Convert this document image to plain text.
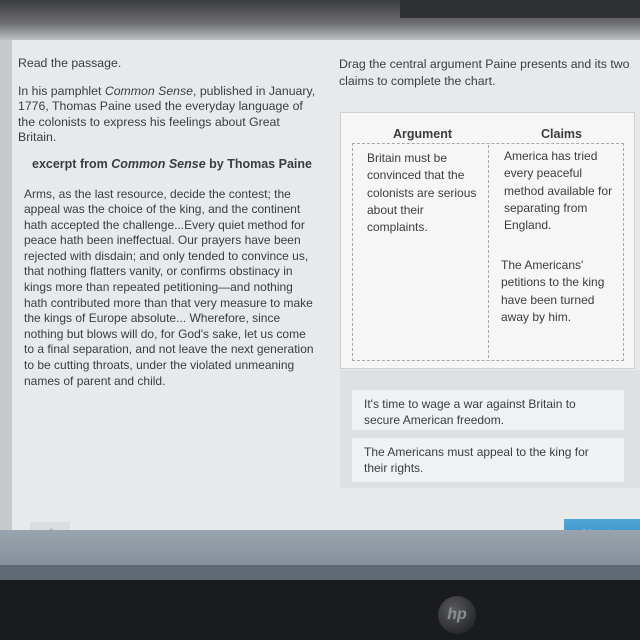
Read the passage.

In his pamphlet Common Sense, published in January, 1776, Thomas Paine used the everyday language of the colonists to express his feelings about Great Britain.

excerpt from Common Sense by Thomas Paine

Arms, as the last resource, decide the contest; the appeal was the choice of the king, and the continent hath accepted the challenge...Every quiet method for peace hath been ineffectual. Our prayers have been rejected with disdain; and only tended to convince us, that nothing flatters vanity, or confirms obstinacy in kings more than repeated petitioning—and nothing hath contributed more than that very measure to make the kings of Europe absolute... Wherefore, since nothing but blows will do, for God's sake, let us come to a final separation, and not leave the next generation to be cutting throats, under the violated unmeaning names of parent and child.

Drag the central argument Paine presents and its two claims to complete the chart.
Argument	Claims
Britain must be convinced that the colonists are serious about their complaints.
America has tried every peaceful method available for separating from England.
The Americans' petitions to the king have been turned away by him.
It's time to wage a war against Britain to secure American freedom.
The Americans must appeal to the king for their rights.
hp
